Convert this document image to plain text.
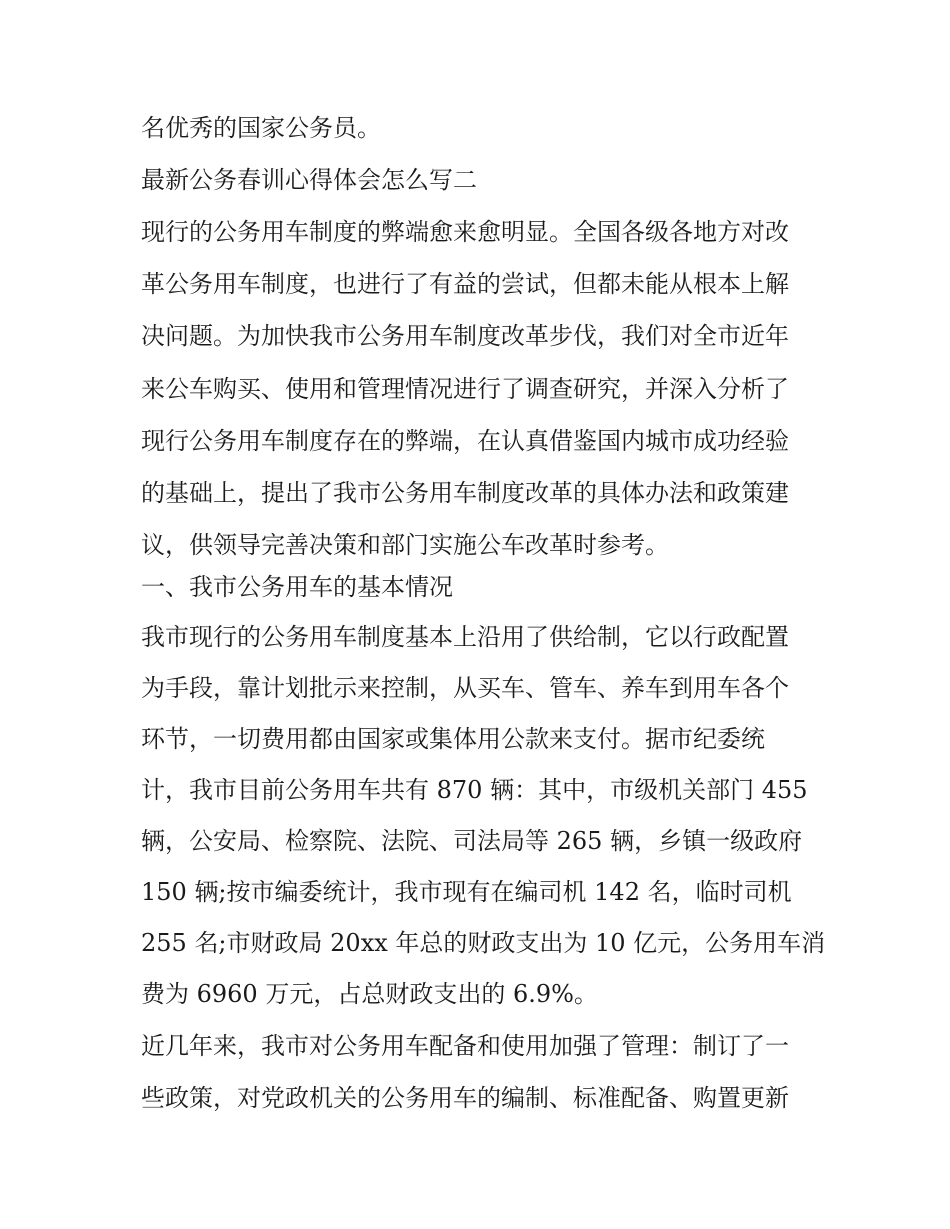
名优秀的国家公务员。
最新公务春训心得体会怎么写二
现行的公务用车制度的弊端愈来愈明显。全国各级各地方对改
革公务用车制度，也进行了有益的尝试，但都未能从根本上解
决问题。为加快我市公务用车制度改革步伐，我们对全市近年
来公车购买、使用和管理情况进行了调查研究，并深入分析了
现行公务用车制度存在的弊端，在认真借鉴国内城市成功经验
的基础上，提出了我市公务用车制度改革的具体办法和政策建
议，供领导完善决策和部门实施公车改革时参考。
一、我市公务用车的基本情况
我市现行的公务用车制度基本上沿用了供给制，它以行政配置
为手段，靠计划批示来控制，从买车、管车、养车到用车各个
环节，一切费用都由国家或集体用公款来支付。据市纪委统
计，我市目前公务用车共有 870 辆：其中，市级机关部门 455
辆，公安局、检察院、法院、司法局等 265 辆，乡镇一级政府
150 辆;按市编委统计，我市现有在编司机 142 名，临时司机
255 名;市财政局 20xx 年总的财政支出为 10 亿元，公务用车消
费为 6960 万元，占总财政支出的 6.9%。
近几年来，我市对公务用车配备和使用加强了管理：制订了一
些政策，对党政机关的公务用车的编制、标准配备、购置更新
